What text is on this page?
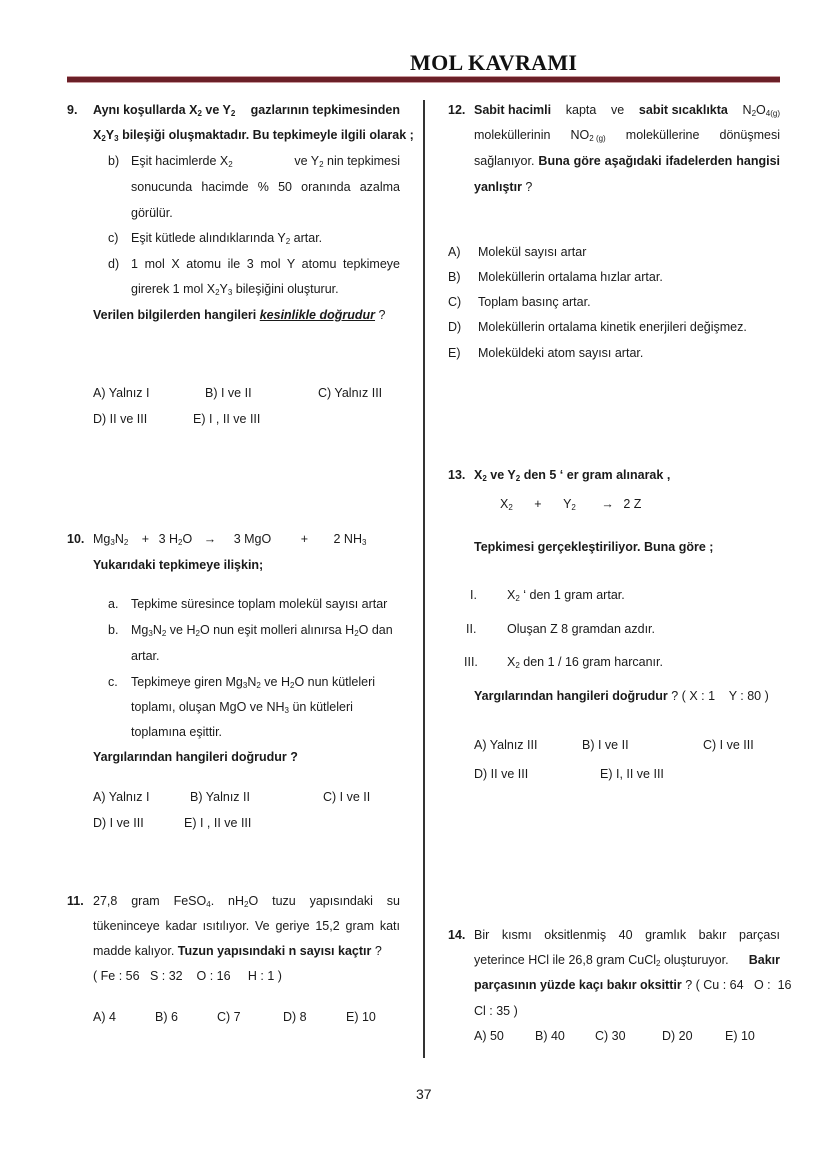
MOL KAVRAMI
9. Aynı koşullarda $X_2$ ve $Y_2$ gazlarının tepkimesinden
$X_2Y_3$ bileşiği oluşmaktadır. Bu tepkimeyle ilgili olarak ;
b) Eşit hacimlerde $X_2$	ve $Y_2$ nin tepkimesi
sonucunda hacimde % 50 oranında azalma
görülür.
c) Eşit kütlede alındıklarında $Y_2$ artar.
d) 1 mol X atomu ile 3 mol Y atomu tepkimeye
girerek 1 mol $X_2Y_3$ bileşiğini oluşturur.
Verilen bilgilerden hangileri kesinlikle doğrudur ?
A) Yalnız I	B) I ve II	C) Yalnız III
D) II ve III	E) I , II ve III
10. $Mg_3N_2 + 3$ $H_2O \to 3$ MgO + 2 $NH_3$
Yukarıdaki tepkimeye ilişkin;
a. Tepkime süresince toplam molekül sayısı artar
b. $Mg_3N_2$ ve $H_2O$ nun eşit molleri alınırsa $H_2O$ dan
artar.
c. Tepkimeye giren $Mg_3N_2$ ve $H_2O$ nun kütleleri
toplamı, oluşan MgO ve $NH_3$ ün kütleleri
toplamına eşittir.
Yargılarından hangileri doğrudur ?
A) Yalnız I	B) Yalnız II	C) I ve II
D) I ve III	E) I , II ve III
11. 27,8 gram FeSO$_4$. $nH_2O$ tuzu yapısındaki su
tükeninceye kadar ısıtılıyor. Ve geriye 15,2 gram katı
madde kalıyor. Tuzun yapısındaki n sayısı kaçtır ?
( Fe : 56   S : 32    O : 16     H : 1 )
A) 4	B) 6	C) 7	D) 8	E) 10
12. Sabit hacimli kapta ve sabit sıcaklıkta $N_2O_{4(g)}$
moleküllerinin $NO_{2 (g)}$ moleküllerine dönüşmesi
sağlanıyor. Buna göre aşağıdaki ifadelerden hangisi
yanlıştır ?
A) Molekül sayısı artar
B) Moleküllerin ortalama hızlar artar.
C) Toplam basınç artar.
D) Moleküllerin ortalama kinetik enerjileri değişmez.
E) Moleküldeki atom sayısı artar.
13. $X_2$ ve $Y_2$ den 5 ‘ er gram alınarak ,
$X_2 + Y_2 \to 2$ Z
Tepkimesi gerçekleştiriliyor. Buna göre ;
I. $X_2$ ‘ den 1 gram artar.
II. Oluşan Z 8 gramdan azdır.
III. $X_2$ den 1 / 16 gram harcanır.
Yargılarından hangileri doğrudur ? ( X : 1    Y : 80 )
A) Yalnız III	B) I ve II	C) I ve III
D) II ve III	E) I, II ve III
14. Bir kısmı oksitlenmiş 40 gramlık bakır parçası
yeterince HCl ile 26,8 gram CuCl$_2$ oluşturuyor. Bakır
parçasının yüzde kaçı bakır oksittir ? ( Cu : 64   O :  16
Cl : 35 )
A) 50 B) 40 C) 30	D) 20	E) 10
37
